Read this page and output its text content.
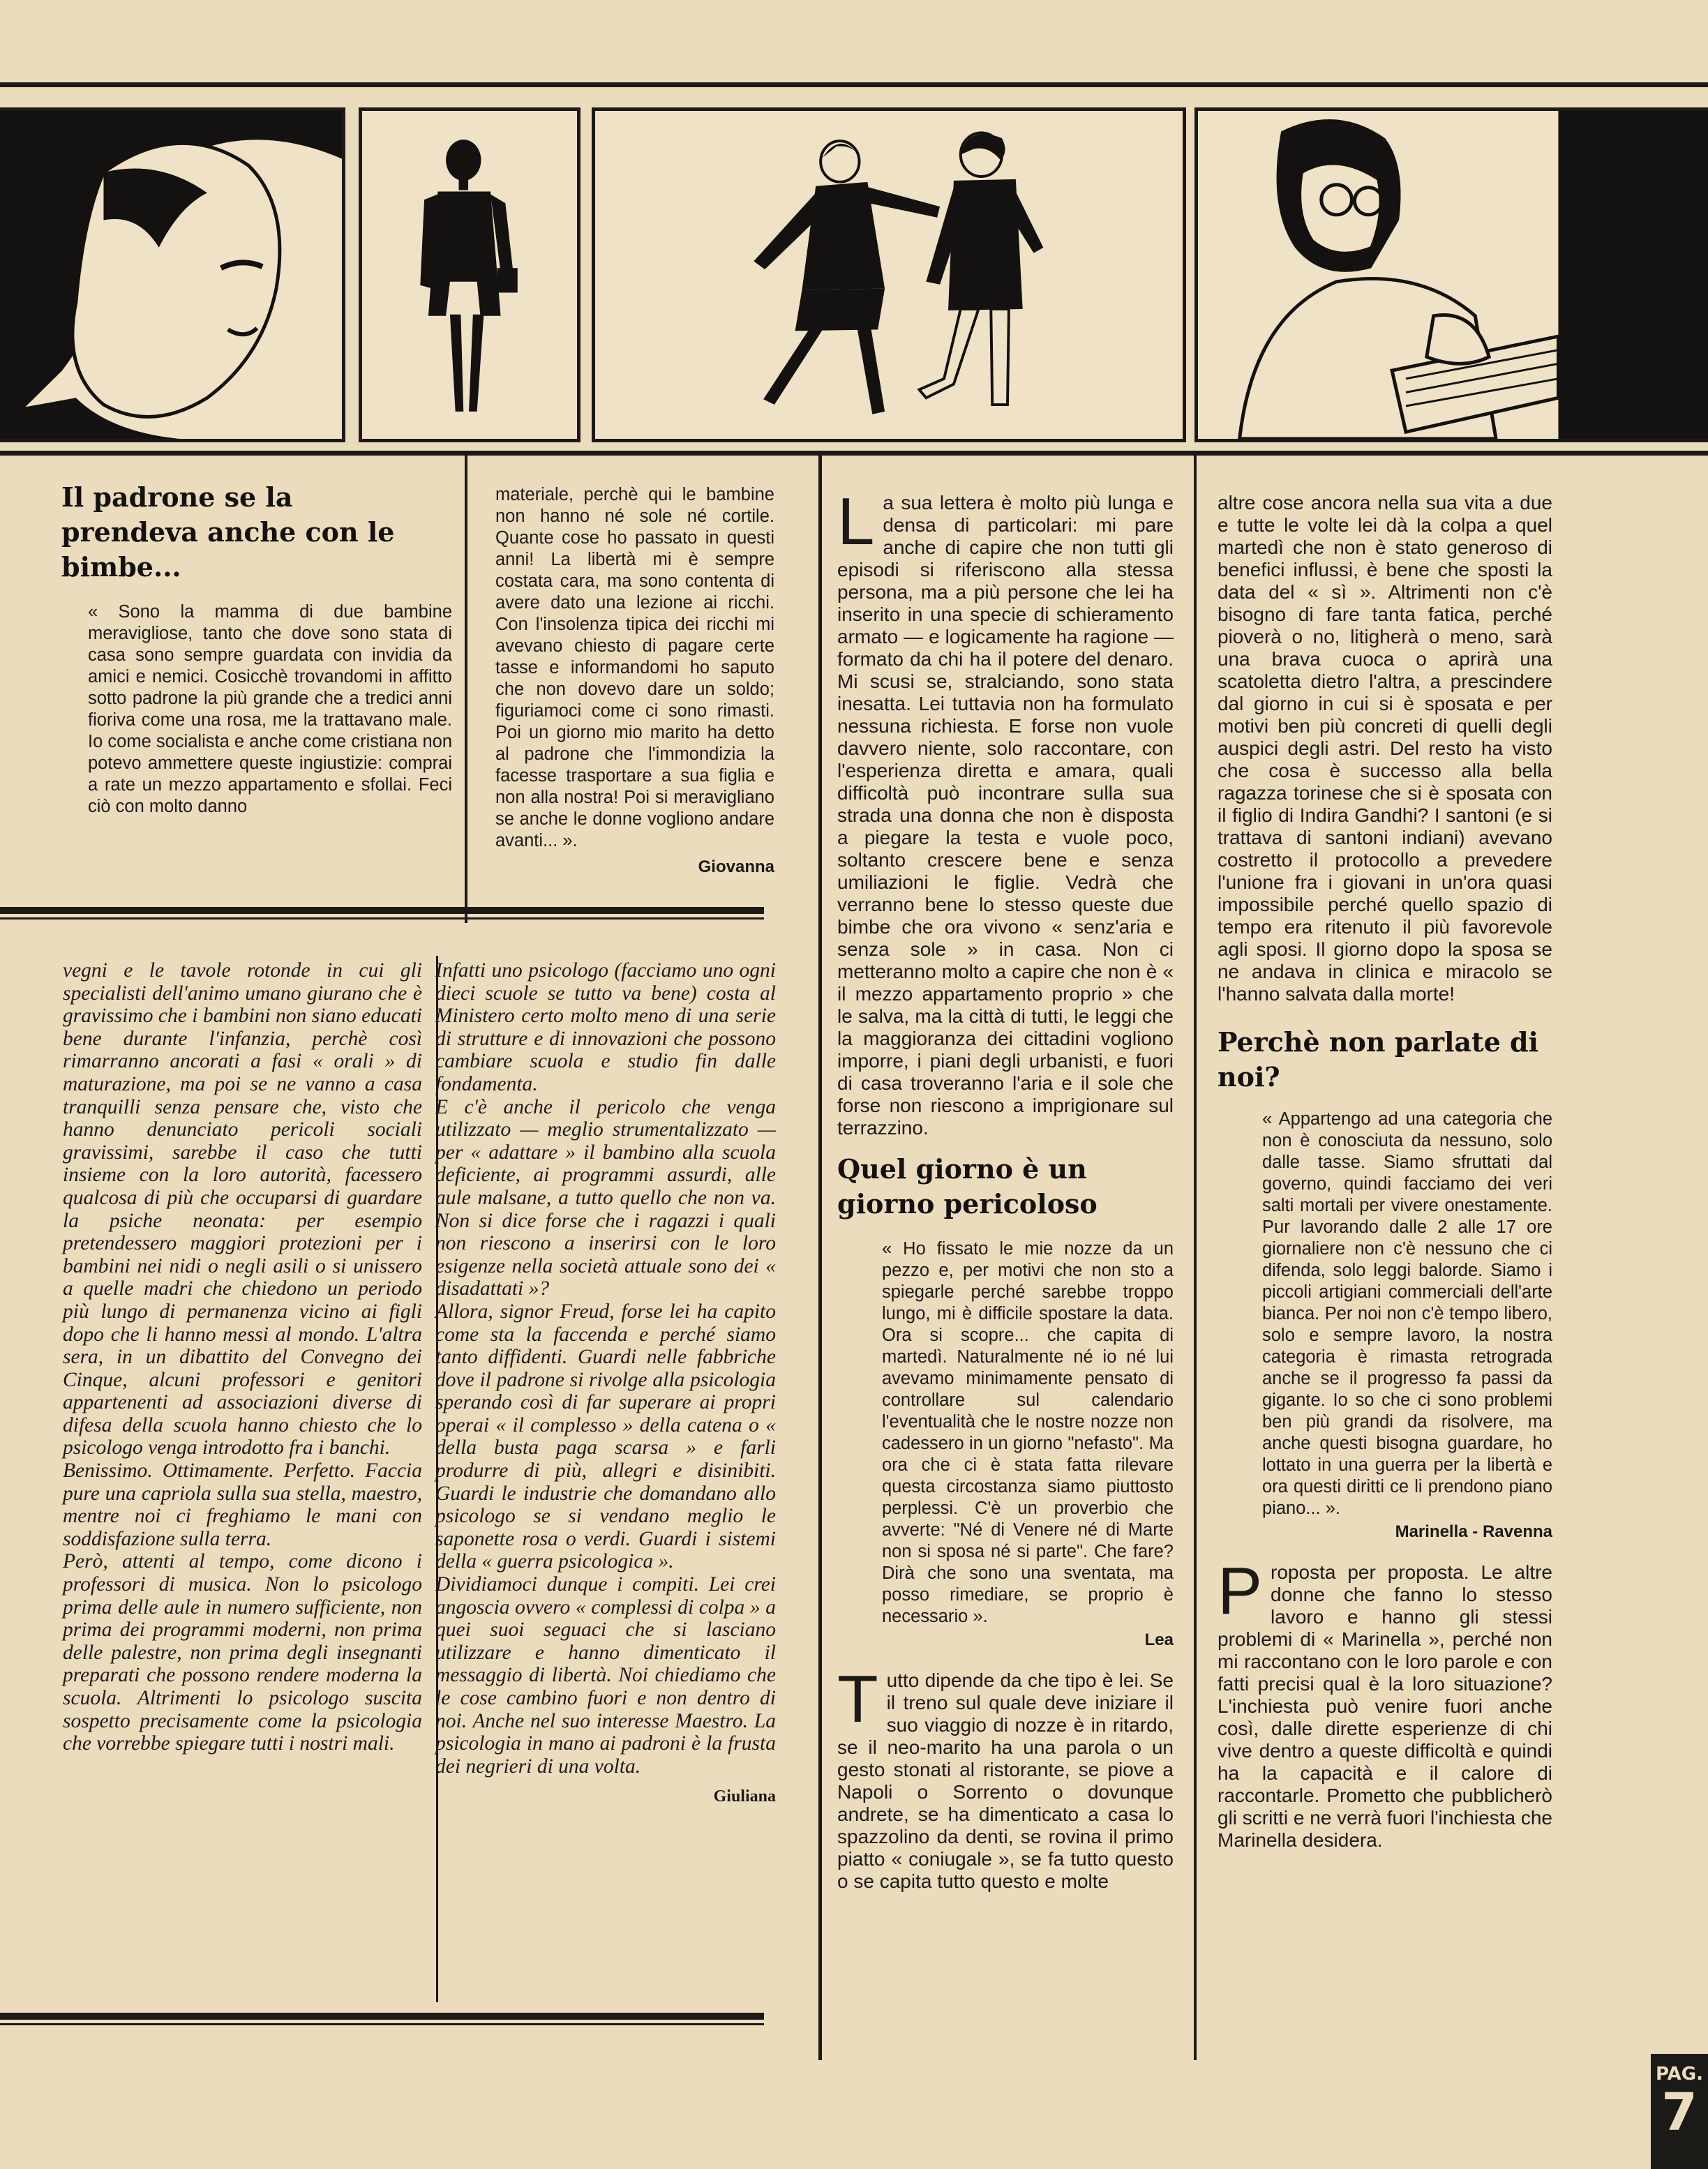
Il padrone se la prendeva anche con le bimbe...

« Sono la mamma di due bambine meravigliose, tanto che dove sono stata di casa sono sempre guardata con invidia da amici e nemici. Cosicchè trovandomi in affitto sotto padrone la più grande che a tredici anni fioriva come una rosa, me la trattavano male. Io come socialista e anche come cristiana non potevo ammettere queste ingiustizie: comprai a rate un mezzo appartamento e sfollai. Feci ciò con molto danno

materiale, perchè qui le bambine non hanno né sole né cortile. Quante cose ho passato in questi anni! La libertà mi è sempre costata cara, ma sono contenta di avere dato una lezione ai ricchi. Con l'insolenza tipica dei ricchi mi avevano chiesto di pagare certe tasse e informandomi ho saputo che non dovevo dare un soldo; figuriamoci come ci sono rimasti. Poi un giorno mio marito ha detto al padrone che l'immondizia la facesse trasportare a sua figlia e non alla nostra! Poi si meravigliano se anche le donne vogliono andare avanti... ».

Giovanna

vegni e le tavole rotonde in cui gli specialisti dell'animo umano giurano che è gravissimo che i bambini non siano educati bene durante l'infanzia, perchè così rimarranno ancorati a fasi « orali » di maturazione, ma poi se ne vanno a casa tranquilli senza pensare che, visto che hanno denunciato pericoli sociali gravissimi, sarebbe il caso che tutti insieme con la loro autorità, facessero qualcosa di più che occuparsi di guardare la psiche neonata: per esempio pretendessero maggiori protezioni per i bambini nei nidi o negli asili o si unissero a quelle madri che chiedono un periodo più lungo di permanenza vicino ai figli dopo che li hanno messi al mondo. L'altra sera, in un dibattito del Convegno dei Cinque, alcuni professori e genitori appartenenti ad associazioni diverse di difesa della scuola hanno chiesto che lo psicologo venga introdotto fra i banchi.

Benissimo. Ottimamente. Perfetto. Faccia pure una capriola sulla sua stella, maestro, mentre noi ci freghiamo le mani con soddisfazione sulla terra.

Però, attenti al tempo, come dicono i professori di musica. Non lo psicologo prima delle aule in numero sufficiente, non prima dei programmi moderni, non prima delle palestre, non prima degli insegnanti preparati che possono rendere moderna la scuola. Altrimenti lo psicologo suscita sospetto precisamente come la psicologia che vorrebbe spiegare tutti i nostri mali.

Infatti uno psicologo (facciamo uno ogni dieci scuole se tutto va bene) costa al Ministero certo molto meno di una serie di strutture e di innovazioni che possono cambiare scuola e studio fin dalle fondamenta.

E c'è anche il pericolo che venga utilizzato — meglio strumentalizzato — per « adattare » il bambino alla scuola deficiente, ai programmi assurdi, alle aule malsane, a tutto quello che non va. Non si dice forse che i ragazzi i quali non riescono a inserirsi con le loro esigenze nella società attuale sono dei « disadattati »?

Allora, signor Freud, forse lei ha capito come sta la faccenda e perché siamo tanto diffidenti. Guardi nelle fabbriche dove il padrone si rivolge alla psicologia sperando così di far superare ai propri operai « il complesso » della catena o « della busta paga scarsa » e farli produrre di più, allegri e disinibiti. Guardi le industrie che domandano allo psicologo se si vendano meglio le saponette rosa o verdi. Guardi i sistemi della « guerra psicologica ».

Dividiamoci dunque i compiti. Lei crei angoscia ovvero « complessi di colpa » a quei suoi seguaci che si lasciano utilizzare e hanno dimenticato il messaggio di libertà. Noi chiediamo che le cose cambino fuori e non dentro di noi. Anche nel suo interesse Maestro. La psicologia in mano ai padroni è la frusta dei negrieri di una volta.

Giuliana

La sua lettera è molto più lunga e densa di particolari: mi pare anche di capire che non tutti gli episodi si riferiscono alla stessa persona, ma a più persone che lei ha inserito in una specie di schieramento armato — e logicamente ha ragione — formato da chi ha il potere del denaro. Mi scusi se, stralciando, sono stata inesatta. Lei tuttavia non ha formulato nessuna richiesta. E forse non vuole davvero niente, solo raccontare, con l'esperienza diretta e amara, quali difficoltà può incontrare sulla sua strada una donna che non è disposta a piegare la testa e vuole poco, soltanto crescere bene e senza umiliazioni le figlie. Vedrà che verranno bene lo stesso queste due bimbe che ora vivono « senz'aria e senza sole » in casa. Non ci metteranno molto a capire che non è « il mezzo appartamento proprio » che le salva, ma la città di tutti, le leggi che la maggioranza dei cittadini vogliono imporre, i piani degli urbanisti, e fuori di casa troveranno l'aria e il sole che forse non riescono a imprigionare sul terrazzino.

Quel giorno è un giorno pericoloso

« Ho fissato le mie nozze da un pezzo e, per motivi che non sto a spiegarle perché sarebbe troppo lungo, mi è difficile spostare la data. Ora si scopre... che capita di martedì. Naturalmente né io né lui avevamo minimamente pensato di controllare sul calendario l'eventualità che le nostre nozze non cadessero in un giorno "nefasto". Ma ora che ci è stata fatta rilevare questa circostanza siamo piuttosto perplessi. C'è un proverbio che avverte: "Né di Venere né di Marte non si sposa né si parte". Che fare? Dirà che sono una sventata, ma posso rimediare, se proprio è necessario ».

Lea

Tutto dipende da che tipo è lei. Se il treno sul quale deve iniziare il suo viaggio di nozze è in ritardo, se il neo-marito ha una parola o un gesto stonati al ristorante, se piove a Napoli o Sorrento o dovunque andrete, se ha dimenticato a casa lo spazzolino da denti, se rovina il primo piatto « coniugale », se fa tutto questo o se capita tutto questo e molte

altre cose ancora nella sua vita a due e tutte le volte lei dà la colpa a quel martedì che non è stato generoso di benefici influssi, è bene che sposti la data del « sì ». Altrimenti non c'è bisogno di fare tanta fatica, perché pioverà o no, litigherà o meno, sarà una brava cuoca o aprirà una scatoletta dietro l'altra, a prescindere dal giorno in cui si è sposata e per motivi ben più concreti di quelli degli auspici degli astri. Del resto ha visto che cosa è successo alla bella ragazza torinese che si è sposata con il figlio di Indira Gandhi? I santoni (e si trattava di santoni indiani) avevano costretto il protocollo a prevedere l'unione fra i giovani in un'ora quasi impossibile perché quello spazio di tempo era ritenuto il più favorevole agli sposi. Il giorno dopo la sposa se ne andava in clinica e miracolo se l'hanno salvata dalla morte!

Perchè non parlate di noi?

« Appartengo ad una categoria che non è conosciuta da nessuno, solo dalle tasse. Siamo sfruttati dal governo, quindi facciamo dei veri salti mortali per vivere onestamente. Pur lavorando dalle 2 alle 17 ore giornaliere non c'è nessuno che ci difenda, solo leggi balorde. Siamo i piccoli artigiani commerciali dell'arte bianca. Per noi non c'è tempo libero, solo e sempre lavoro, la nostra categoria è rimasta retrograda anche se il progresso fa passi da gigante. Io so che ci sono problemi ben più grandi da risolvere, ma anche questi bisogna guardare, ho lottato in una guerra per la libertà e ora questi diritti ce li prendono piano piano... ».

Marinella - Ravenna

Proposta per proposta. Le altre donne che fanno lo stesso lavoro e hanno gli stessi problemi di « Marinella », perché non mi raccontano con le loro parole e con fatti precisi qual è la loro situazione? L'inchiesta può venire fuori anche così, dalle dirette esperienze di chi vive dentro a queste difficoltà e quindi ha la capacità e il calore di raccontarle. Prometto che pubblicherò gli scritti e ne verrà fuori l'inchiesta che Marinella desidera.

PAG.
7
